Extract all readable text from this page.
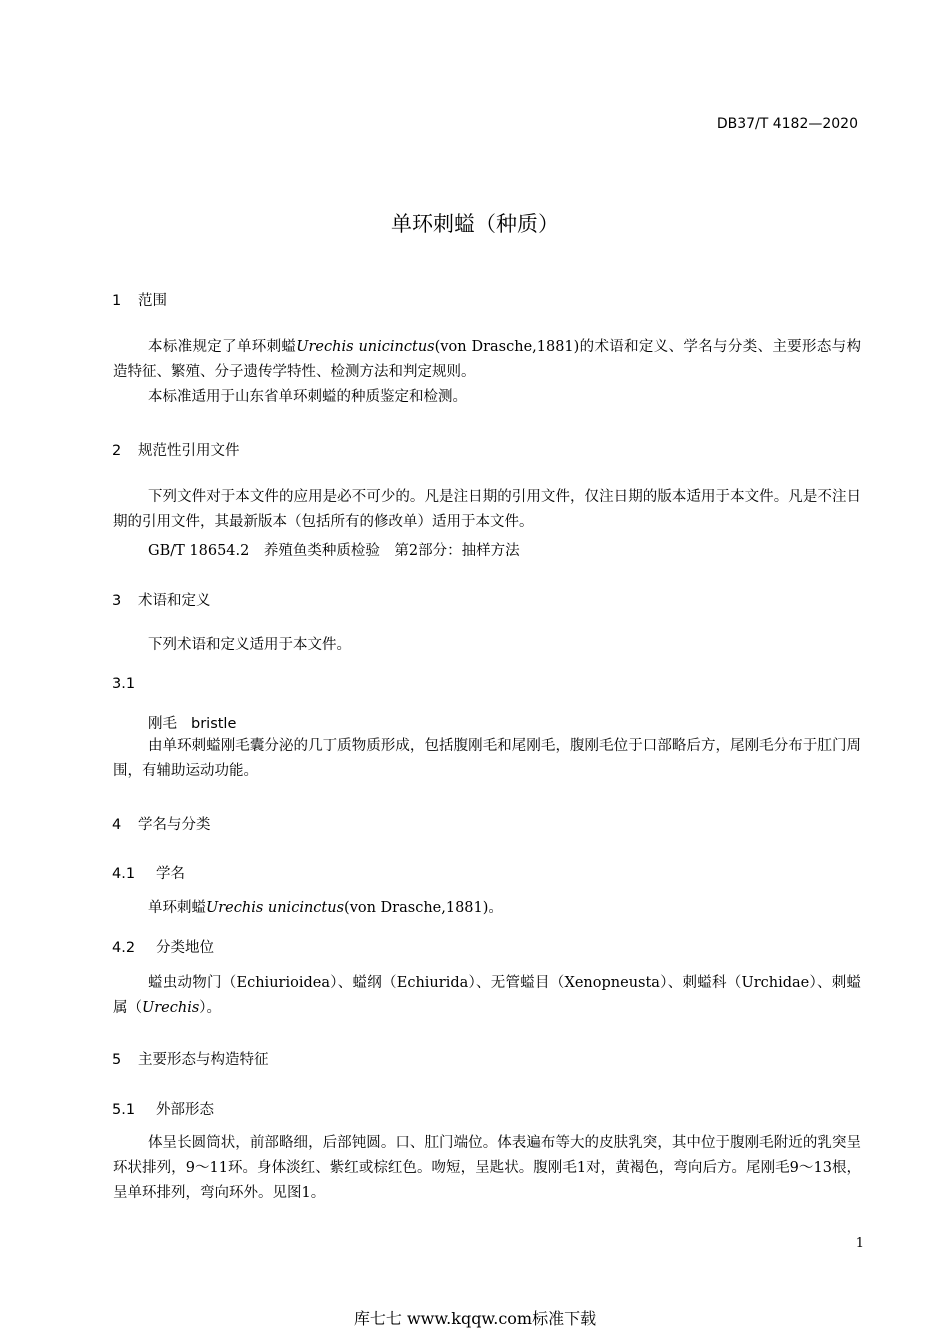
DB37/T 4182—2020
单环刺螠（种质）
1 范围
本标准规定了单环刺螠Urechis unicinctus(von Drasche,1881)的术语和定义、学名与分类、主要形态与构造特征、繁殖、分子遗传学特性、检测方法和判定规则。
本标准适用于山东省单环刺螠的种质鉴定和检测。
2 规范性引用文件
下列文件对于本文件的应用是必不可少的。凡是注日期的引用文件，仅注日期的版本适用于本文件。凡是不注日期的引用文件，其最新版本（包括所有的修改单）适用于本文件。
GB/T 18654.2　养殖鱼类种质检验　第2部分：抽样方法
3 术语和定义
下列术语和定义适用于本文件。
3.1
刚毛 bristle
由单环刺螠刚毛囊分泌的几丁质物质形成，包括腹刚毛和尾刚毛，腹刚毛位于口部略后方，尾刚毛分布于肛门周围，有辅助运动功能。
4 学名与分类
4.1 学名
单环刺螠Urechis unicinctus(von Drasche,1881)。
4.2 分类地位
螠虫动物门（Echiurioidea）、螠纲（Echiurida）、无管螠目（Xenopneusta）、刺螠科（Urchidae）、刺螠属（Urechis）。
5 主要形态与构造特征
5.1 外部形态
体呈长圆筒状，前部略细，后部钝圆。口、肛门端位。体表遍布等大的皮肤乳突，其中位于腹刚毛附近的乳突呈环状排列，9～11环。身体淡红、紫红或棕红色。吻短，呈匙状。腹刚毛1对，黄褐色，弯向后方。尾刚毛9～13根，呈单环排列，弯向环外。见图1。
1
库七七 www.kqqw.com标准下载
